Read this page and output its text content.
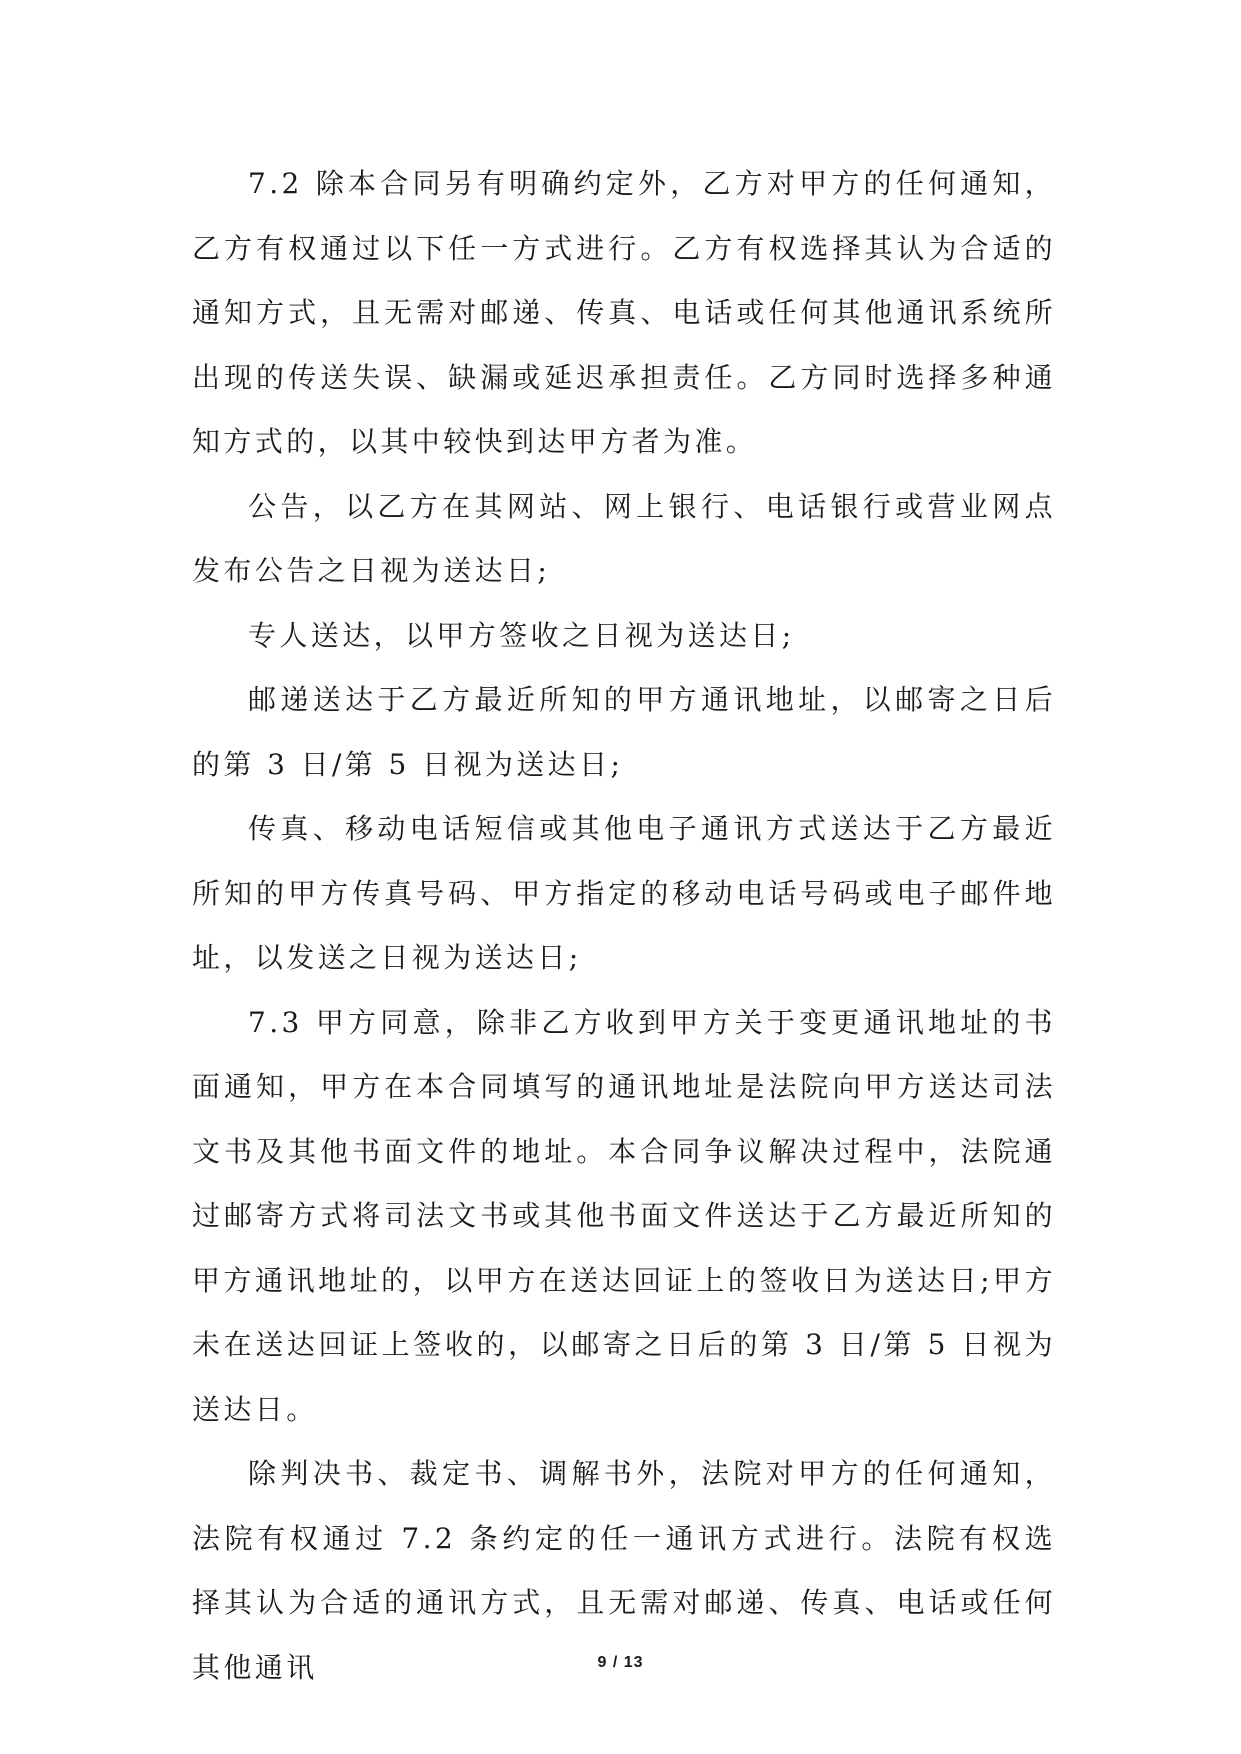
7.2 除本合同另有明确约定外，乙方对甲方的任何通知，乙方有权通过以下任一方式进行。乙方有权选择其认为合适的通知方式，且无需对邮递、传真、电话或任何其他通讯系统所出现的传送失误、缺漏或延迟承担责任。乙方同时选择多种通知方式的，以其中较快到达甲方者为准。

公告，以乙方在其网站、网上银行、电话银行或营业网点发布公告之日视为送达日;

专人送达，以甲方签收之日视为送达日;

邮递送达于乙方最近所知的甲方通讯地址，以邮寄之日后的第 3 日/第 5 日视为送达日;

传真、移动电话短信或其他电子通讯方式送达于乙方最近所知的甲方传真号码、甲方指定的移动电话号码或电子邮件地址，以发送之日视为送达日;

7.3 甲方同意，除非乙方收到甲方关于变更通讯地址的书面通知，甲方在本合同填写的通讯地址是法院向甲方送达司法文书及其他书面文件的地址。本合同争议解决过程中，法院通过邮寄方式将司法文书或其他书面文件送达于乙方最近所知的甲方通讯地址的，以甲方在送达回证上的签收日为送达日;甲方未在送达回证上签收的，以邮寄之日后的第 3 日/第 5 日视为送达日。

除判决书、裁定书、调解书外，法院对甲方的任何通知，法院有权通过 7.2 条约定的任一通讯方式进行。法院有权选择其认为合适的通讯方式，且无需对邮递、传真、电话或任何其他通讯	9 / 13
